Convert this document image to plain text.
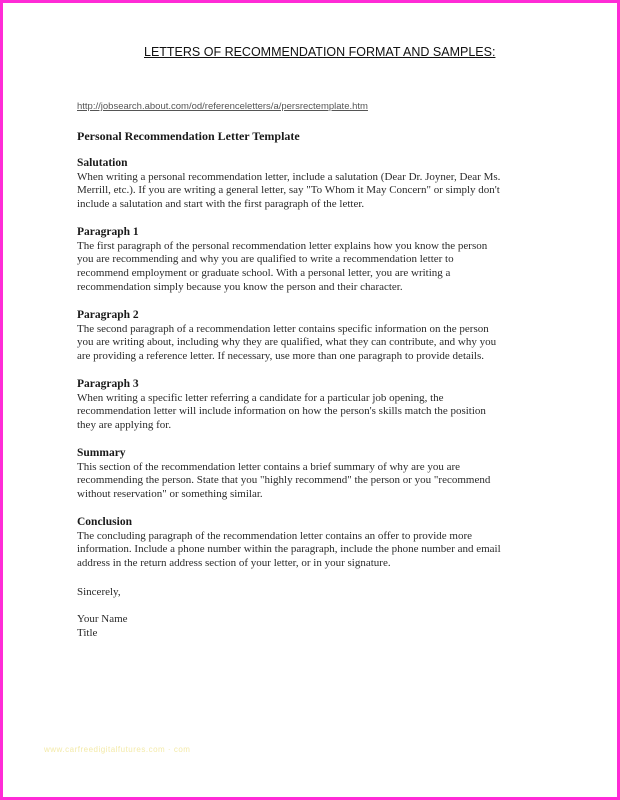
LETTERS OF RECOMMENDATION FORMAT AND SAMPLES:
http://jobsearch.about.com/od/referenceletters/a/persrectemplate.htm
Personal Recommendation Letter Template
Salutation
When writing a personal recommendation letter, include a salutation (Dear Dr. Joyner, Dear Ms.
Merrill, etc.). If you are writing a general letter, say "To Whom it May Concern" or simply don't
include a salutation and start with the first paragraph of the letter.
Paragraph 1
The first paragraph of the personal recommendation letter explains how you know the person
you are recommending and why you are qualified to write a recommendation letter to
recommend employment or graduate school. With a personal letter, you are writing a
recommendation simply because you know the person and their character.
Paragraph 2
The second paragraph of a recommendation letter contains specific information on the person
you are writing about, including why they are qualified, what they can contribute, and why you
are providing a reference letter. If necessary, use more than one paragraph to provide details.
Paragraph 3
When writing a specific letter referring a candidate for a particular job opening, the
recommendation letter will include information on how the person's skills match the position
they are applying for.
Summary
This section of the recommendation letter contains a brief summary of why are you are
recommending the person. State that you "highly recommend" the person or you "recommend
without reservation" or something similar.
Conclusion
The concluding paragraph of the recommendation letter contains an offer to provide more
information. Include a phone number within the paragraph, include the phone number and email
address in the return address section of your letter, or in your signature.
Sincerely,
Your Name
Title
www.carfreedigitalfutures.com · com
